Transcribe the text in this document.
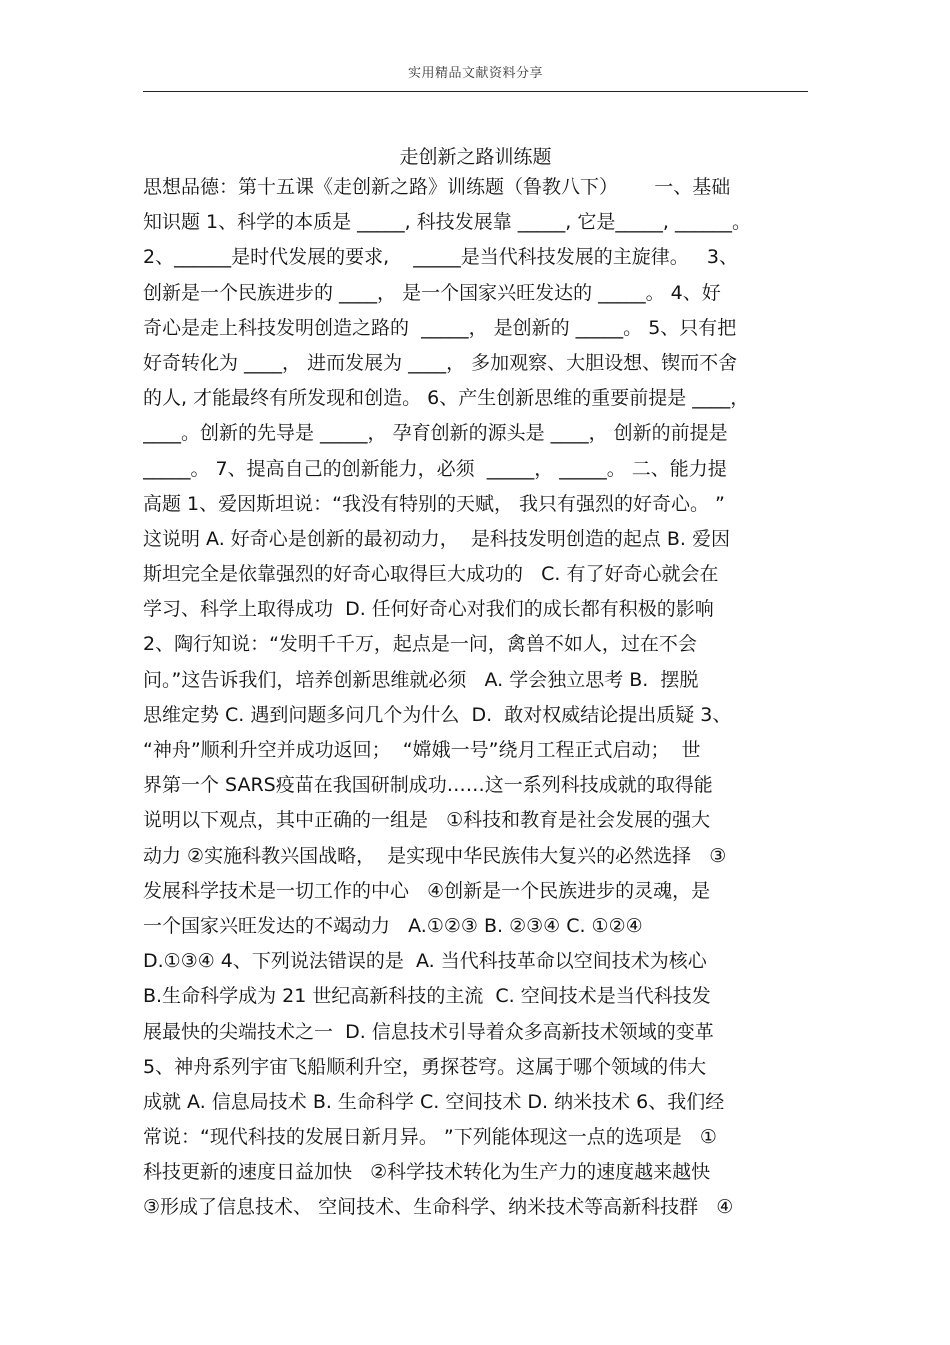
实用精品文献资料分享
走创新之路训练题
思想品德：第十五课《走创新之路》训练题（鲁教八下）      一、基础
知识题 1、科学的本质是 _____, 科技发展靠 _____, 它是_____, ______。
2、______是时代发展的要求,    _____是当代科技发展的主旋律。   3、
创新是一个民族进步的 ____， 是一个国家兴旺发达的 _____。 4、好
奇心是走上科技发明创造之路的  _____， 是创新的 _____。 5、只有把
好奇转化为 ____， 进而发展为 ____， 多加观察、大胆设想、锲而不舍
的人, 才能最终有所发现和创造。 6、产生创新思维的重要前提是 ____，
____。创新的先导是 _____， 孕育创新的源头是 ____， 创新的前提是
_____。 7、提高自己的创新能力，必须  _____， _____。 二、能力提
高题 1、爱因斯坦说：“我没有特别的天赋， 我只有强烈的好奇心。 ”
这说明 A. 好奇心是创新的最初动力，  是科技发明创造的起点 B. 爱因
斯坦完全是依靠强烈的好奇心取得巨大成功的   C. 有了好奇心就会在
学习、科学上取得成功  D. 任何好奇心对我们的成长都有积极的影响
2、陶行知说：“发明千千万，起点是一问，禽兽不如人，过在不会
问。”这告诉我们，培养创新思维就必须   A. 学会独立思考 B.  摆脱
思维定势 C. 遇到问题多问几个为什么  D.  敢对权威结论提出质疑 3、
“神舟”顺利升空并成功返回；  “嫦娥一号”绕月工程正式启动；  世
界第一个 SARS疫苗在我国研制成功……这一系列科技成就的取得能
说明以下观点，其中正确的一组是   ①科技和教育是社会发展的强大
动力 ②实施科教兴国战略，  是实现中华民族伟大复兴的必然选择   ③
发展科学技术是一切工作的中心   ④创新是一个民族进步的灵魂，是
一个国家兴旺发达的不竭动力   A.①②③ B. ②③④ C. ①②④
D.①③④ 4、下列说法错误的是  A. 当代科技革命以空间技术为核心
B.生命科学成为 21 世纪高新科技的主流  C. 空间技术是当代科技发
展最快的尖端技术之一  D. 信息技术引导着众多高新技术领域的变革
5、神舟系列宇宙飞船顺利升空，勇探苍穹。这属于哪个领域的伟大
成就 A. 信息局技术 B. 生命科学 C. 空间技术 D. 纳米技术 6、我们经
常说：“现代科技的发展日新月异。 ”下列能体现这一点的选项是   ①
科技更新的速度日益加快   ②科学技术转化为生产力的速度越来越快
③形成了信息技术、 空间技术、生命科学、纳米技术等高新科技群   ④
